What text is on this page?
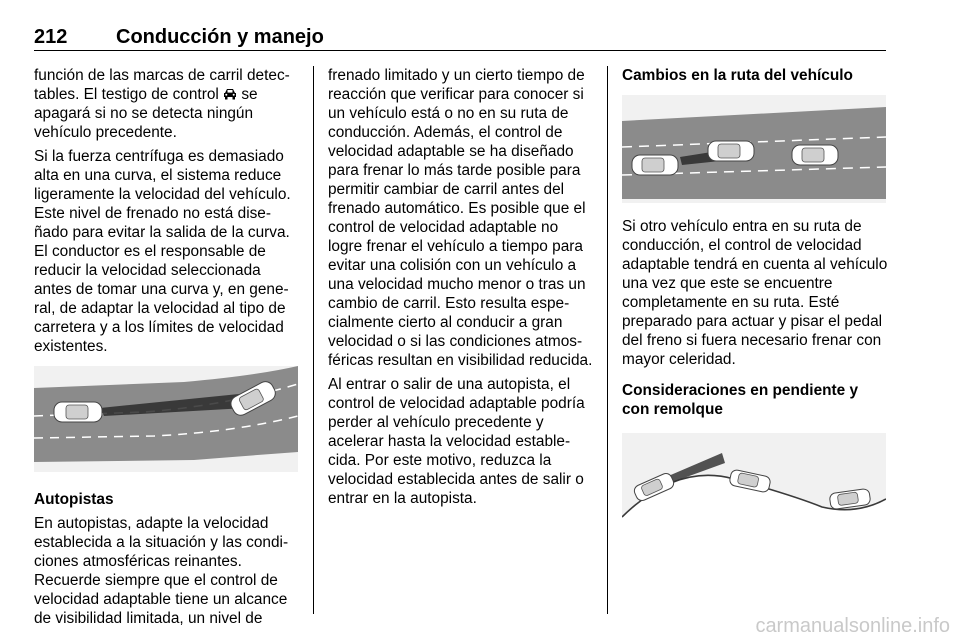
212 Conducción y manejo

función de las marcas de carril detectables. El testigo de control se apagará si no se detecta ningún vehículo precedente.

Si la fuerza centrífuga es demasiado alta en una curva, el sistema reduce ligeramente la velocidad del vehículo. Este nivel de frenado no está diseñado para evitar la salida de la curva. El conductor es el responsable de reducir la velocidad seleccionada antes de tomar una curva y, en general, de adaptar la velocidad al tipo de carretera y a los límites de velocidad existentes.

Autopistas

En autopistas, adapte la velocidad establecida a la situación y las condiciones atmosféricas reinantes. Recuerde siempre que el control de velocidad adaptable tiene un alcance de visibilidad limitada, un nivel de

frenado limitado y un cierto tiempo de reacción que verificar para conocer si un vehículo está o no en su ruta de conducción. Además, el control de velocidad adaptable se ha diseñado para frenar lo más tarde posible para permitir cambiar de carril antes del frenado automático. Es posible que el control de velocidad adaptable no logre frenar el vehículo a tiempo para evitar una colisión con un vehículo a una velocidad mucho menor o tras un cambio de carril. Esto resulta especialmente cierto al conducir a gran velocidad o si las condiciones atmosféricas resultan en visibilidad reducida.

Al entrar o salir de una autopista, el control de velocidad adaptable podría perder al vehículo precedente y acelerar hasta la velocidad establecida. Por este motivo, reduzca la velocidad establecida antes de salir o entrar en la autopista.

Cambios en la ruta del vehículo

Si otro vehículo entra en su ruta de conducción, el control de velocidad adaptable tendrá en cuenta al vehículo una vez que este se encuentre completamente en su ruta. Esté preparado para actuar y pisar el pedal del freno si fuera necesario frenar con mayor celeridad.

Consideraciones en pendiente y con remolque

carmanualsonline.info
